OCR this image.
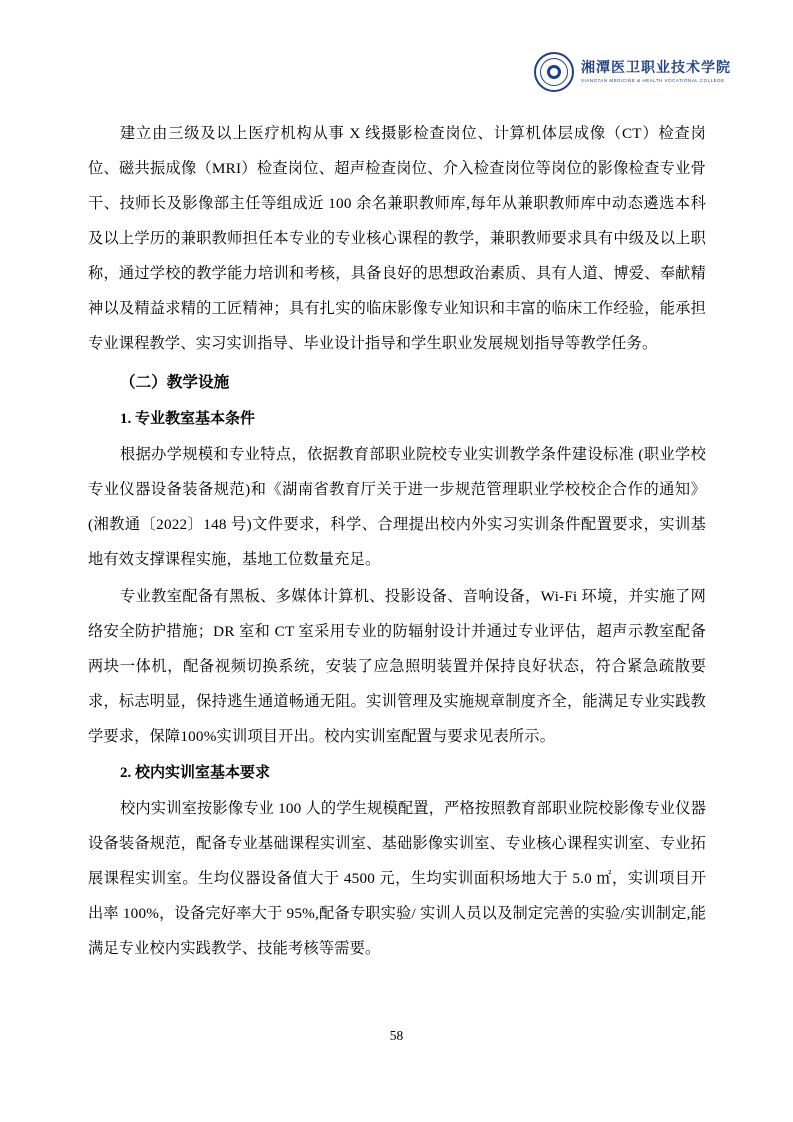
湘潭医卫职业技术学院
XIANGTAN MEDICINE & HEALTH VOCATIONAL COLLEGE

建立由三级及以上医疗机构从事 X 线摄影检查岗位、计算机体层成像（CT）检查岗位、磁共振成像（MRI）检查岗位、超声检查岗位、介入检查岗位等岗位的影像检查专业骨干、技师长及影像部主任等组成近 100 余名兼职教师库,每年从兼职教师库中动态遴选本科及以上学历的兼职教师担任本专业的专业核心课程的教学，兼职教师要求具有中级及以上职称，通过学校的教学能力培训和考核，具备良好的思想政治素质、具有人道、博爱、奉献精神以及精益求精的工匠精神；具有扎实的临床影像专业知识和丰富的临床工作经验，能承担专业课程教学、实习实训指导、毕业设计指导和学生职业发展规划指导等教学任务。

（二）教学设施
1. 专业教室基本条件

根据办学规模和专业特点，依据教育部职业院校专业实训教学条件建设标准 (职业学校专业仪器设备装备规范)和《湖南省教育厅关于进一步规范管理职业学校校企合作的通知》 (湘教通〔2022〕148 号)文件要求，科学、合理提出校内外实习实训条件配置要求，实训基地有效支撑课程实施，基地工位数量充足。

专业教室配备有黑板、多媒体计算机、投影设备、音响设备，Wi-Fi 环境，并实施了网络安全防护措施；DR 室和 CT 室采用专业的防辐射设计并通过专业评估，超声示教室配备两块一体机，配备视频切换系统，安装了应急照明装置并保持良好状态，符合紧急疏散要求，标志明显，保持逃生通道畅通无阻。实训管理及实施规章制度齐全，能满足专业实践教学要求，保障100%实训项目开出。校内实训室配置与要求见表所示。

2. 校内实训室基本要求

校内实训室按影像专业 100 人的学生规模配置，严格按照教育部职业院校影像专业仪器设备装备规范，配备专业基础课程实训室、基础影像实训室、专业核心课程实训室、专业拓展课程实训室。生均仪器设备值大于 4500 元，生均实训面积场地大于 5.0 ㎡，实训项目开出率 100%，设备完好率大于 95%,配备专职实验/ 实训人员以及制定完善的实验/实训制定,能满足专业校内实践教学、技能考核等需要。

58
